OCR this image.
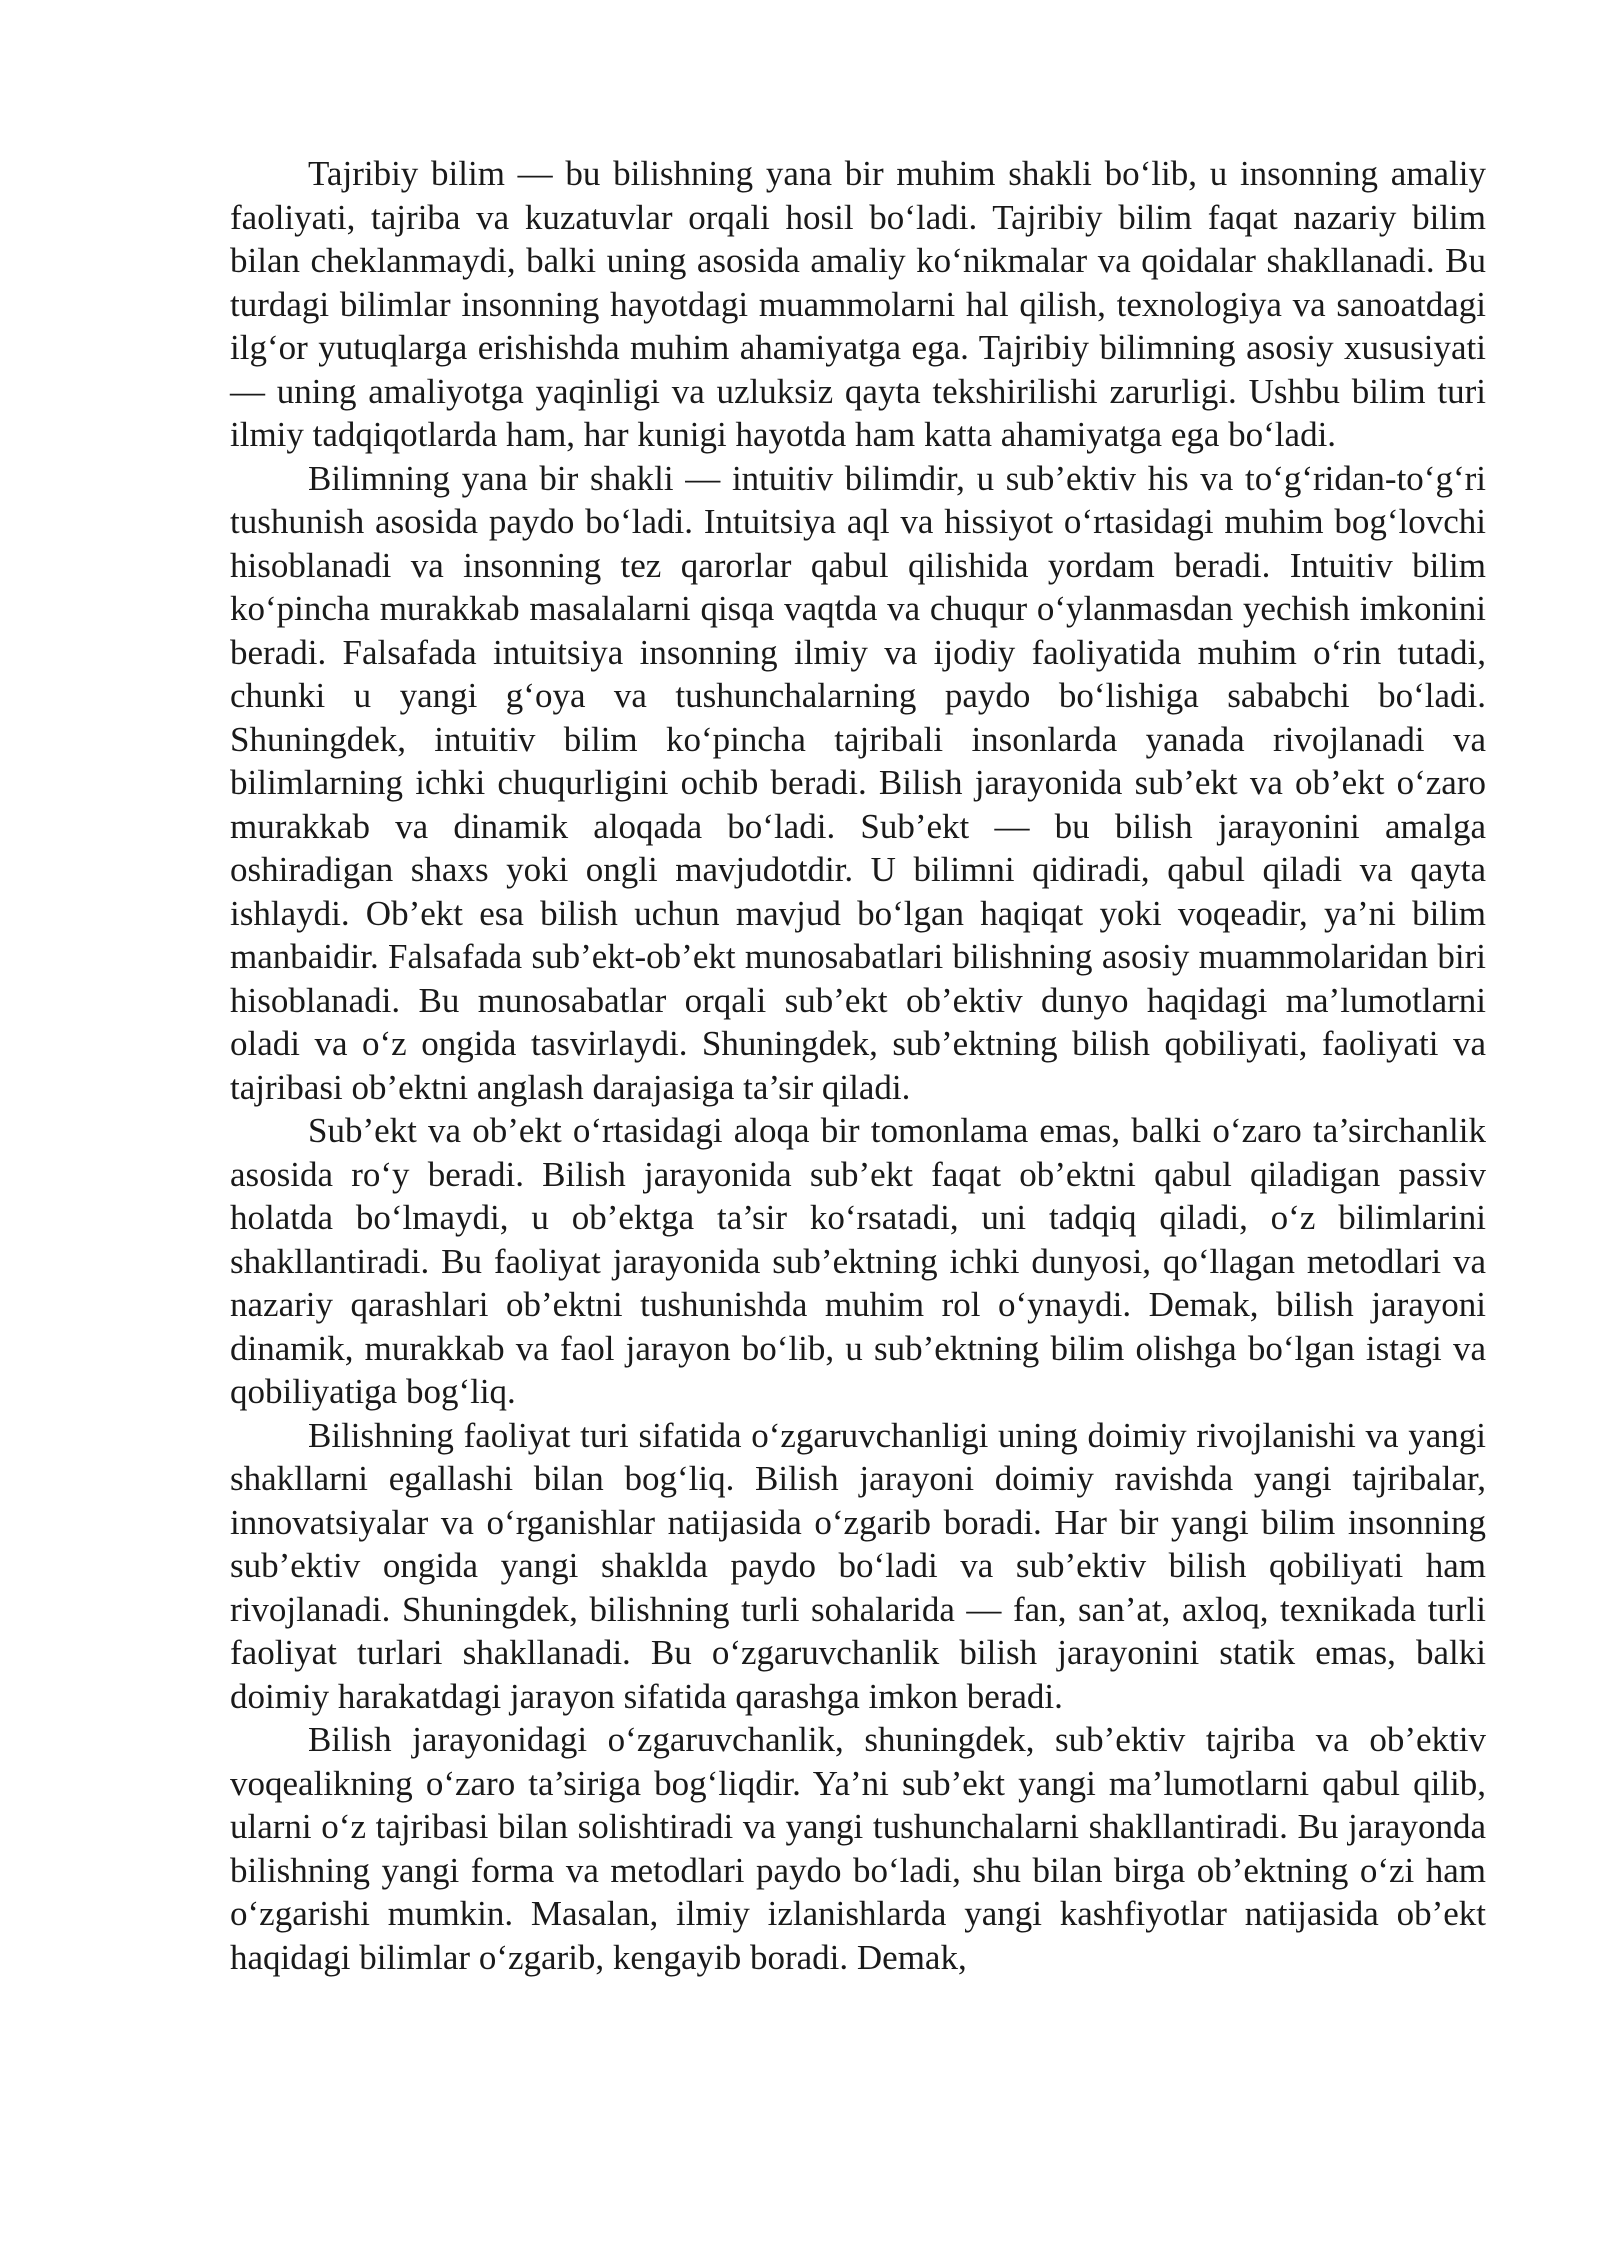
Tajribiy bilim — bu bilishning yana bir muhim shakli bo‘lib, u insonning amaliy faoliyati, tajriba va kuzatuvlar orqali hosil bo‘ladi. Tajribiy bilim faqat nazariy bilim bilan cheklanmaydi, balki uning asosida amaliy ko‘nikmalar va qoidalar shakllanadi. Bu turdagi bilimlar insonning hayotdagi muammolarni hal qilish, texnologiya va sanoatdagi ilg‘or yutuqlarga erishishda muhim ahamiyatga ega. Tajribiy bilimning asosiy xususiyati — uning amaliyotga yaqinligi va uzluksiz qayta tekshirilishi zarurligi. Ushbu bilim turi ilmiy tadqiqotlarda ham, har kunigi hayotda ham katta ahamiyatga ega bo‘ladi.

Bilimning yana bir shakli — intuitiv bilimdir, u sub’ektiv his va to‘g‘ridan-to‘g‘ri tushunish asosida paydo bo‘ladi. Intuitsiya aql va hissiyot o‘rtasidagi muhim bog‘lovchi hisoblanadi va insonning tez qarorlar qabul qilishida yordam beradi. Intuitiv bilim ko‘pincha murakkab masalalarni qisqa vaqtda va chuqur o‘ylanmasdan yechish imkonini beradi. Falsafada intuitsiya insonning ilmiy va ijodiy faoliyatida muhim o‘rin tutadi, chunki u yangi g‘oya va tushunchalarning paydo bo‘lishiga sababchi bo‘ladi. Shuningdek, intuitiv bilim ko‘pincha tajribali insonlarda yanada rivojlanadi va bilimlarning ichki chuqurligini ochib beradi. Bilish jarayonida sub’ekt va ob’ekt o‘zaro murakkab va dinamik aloqada bo‘ladi. Sub’ekt — bu bilish jarayonini amalga oshiradigan shaxs yoki ongli mavjudotdir. U bilimni qidiradi, qabul qiladi va qayta ishlaydi. Ob’ekt esa bilish uchun mavjud bo‘lgan haqiqat yoki voqeadir, ya’ni bilim manbaidir. Falsafada sub’ekt-ob’ekt munosabatlari bilishning asosiy muammolaridan biri hisoblanadi. Bu munosabatlar orqali sub’ekt ob’ektiv dunyo haqidagi ma’lumotlarni oladi va o‘z ongida tasvirlaydi. Shuningdek, sub’ektning bilish qobiliyati, faoliyati va tajribasi ob’ektni anglash darajasiga ta’sir qiladi.

Sub’ekt va ob’ekt o‘rtasidagi aloqa bir tomonlama emas, balki o‘zaro ta’sirchanlik asosida ro‘y beradi. Bilish jarayonida sub’ekt faqat ob’ektni qabul qiladigan passiv holatda bo‘lmaydi, u ob’ektga ta’sir ko‘rsatadi, uni tadqiq qiladi, o‘z bilimlarini shakllantiradi. Bu faoliyat jarayonida sub’ektning ichki dunyosi, qo‘llagan metodlari va nazariy qarashlari ob’ektni tushunishda muhim rol o‘ynaydi. Demak, bilish jarayoni dinamik, murakkab va faol jarayon bo‘lib, u sub’ektning bilim olishga bo‘lgan istagi va qobiliyatiga bog‘liq.

Bilishning faoliyat turi sifatida o‘zgaruvchanligi uning doimiy rivojlanishi va yangi shakllarni egallashi bilan bog‘liq. Bilish jarayoni doimiy ravishda yangi tajribalar, innovatsiyalar va o‘rganishlar natijasida o‘zgarib boradi. Har bir yangi bilim insonning sub’ektiv ongida yangi shaklda paydo bo‘ladi va sub’ektiv bilish qobiliyati ham rivojlanadi. Shuningdek, bilishning turli sohalarida — fan, san’at, axloq, texnikada turli faoliyat turlari shakllanadi. Bu o‘zgaruvchanlik bilish jarayonini statik emas, balki doimiy harakatdagi jarayon sifatida qarashga imkon beradi.

Bilish jarayonidagi o‘zgaruvchanlik, shuningdek, sub’ektiv tajriba va ob’ektiv voqealikning o‘zaro ta’siriga bog‘liqdir. Ya’ni sub’ekt yangi ma’lumotlarni qabul qilib, ularni o‘z tajribasi bilan solishtiradi va yangi tushunchalarni shakllantiradi. Bu jarayonda bilishning yangi forma va metodlari paydo bo‘ladi, shu bilan birga ob’ektning o‘zi ham o‘zgarishi mumkin. Masalan, ilmiy izlanishlarda yangi kashfiyotlar natijasida ob’ekt haqidagi bilimlar o‘zgarib, kengayib boradi. Demak,
